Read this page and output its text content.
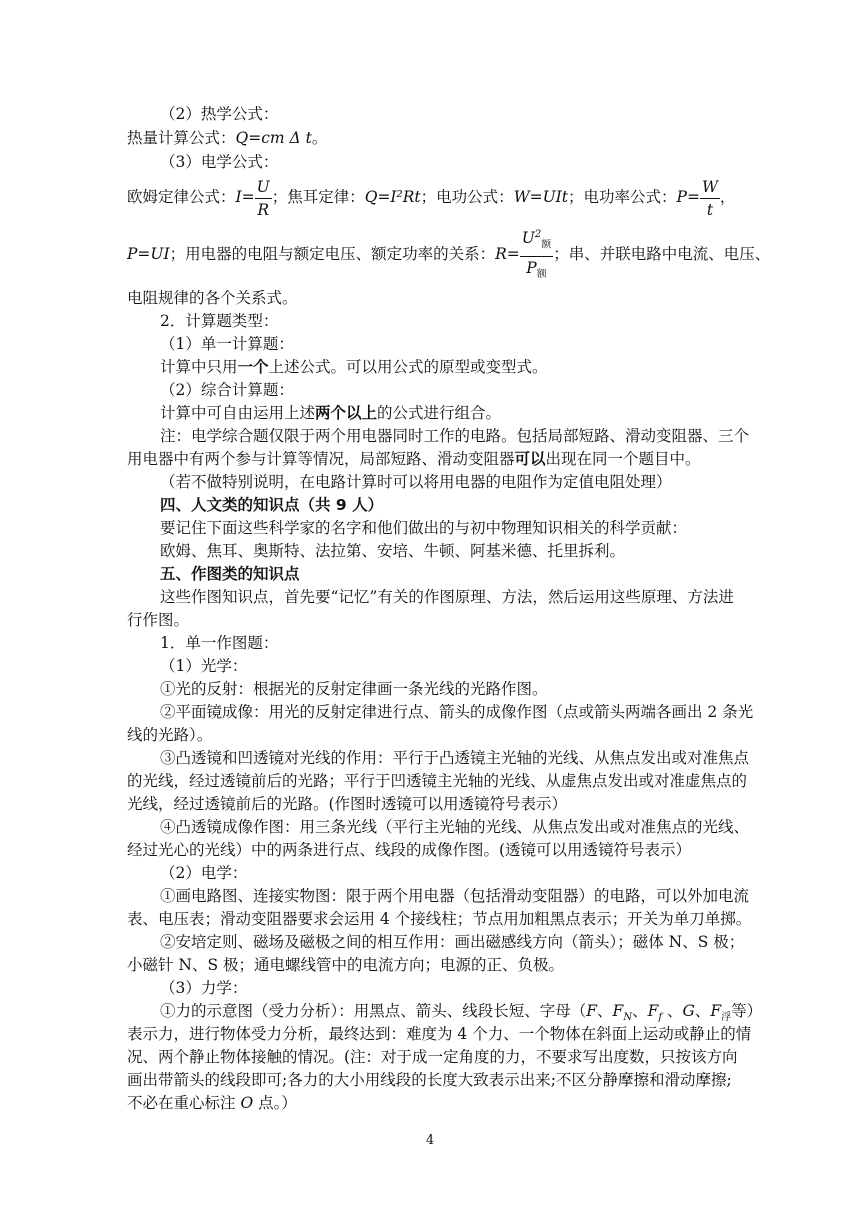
（2）热学公式：
热量计算公式：Q=cm Δ t。
（3）电学公式：
欧姆定律公式：$I= \frac{U}{R}$ ；焦耳定律：Q=I²Rt；电功公式：W=UIt；电功率公式：$P= \frac{W}{t}$ ，
P=UI；用电器的电阻与额定电压、额定功率的关系：$R= \frac{U^2_额}{P_额}$ ；串、并联电路中电流、电压、
电阻规律的各个关系式。
2．计算题类型：
（1）单一计算题：
计算中只用一个上述公式。可以用公式的原型或变型式。
（2）综合计算题：
计算中可自由运用上述两个以上的公式进行组合。
注：电学综合题仅限于两个用电器同时工作的电路。包括局部短路、滑动变阻器、三个
用电器中有两个参与计算等情况，局部短路、滑动变阻器可以出现在同一个题目中。
（若不做特别说明，在电路计算时可以将用电器的电阻作为定值电阻处理）
四、人文类的知识点（共 9 人）
要记住下面这些科学家的名字和他们做出的与初中物理知识相关的科学贡献：
欧姆、焦耳、奥斯特、法拉第、安培、牛顿、阿基米德、托里拆利。
五、作图类的知识点
这些作图知识点，首先要“记忆”有关的作图原理、方法，然后运用这些原理、方法进
行作图。
1．单一作图题：
（1）光学：
①光的反射：根据光的反射定律画一条光线的光路作图。
②平面镜成像：用光的反射定律进行点、箭头的成像作图（点或箭头两端各画出 2 条光
线的光路）。
③凸透镜和凹透镜对光线的作用：平行于凸透镜主光轴的光线、从焦点发出或对准焦点
的光线，经过透镜前后的光路；平行于凹透镜主光轴的光线、从虚焦点发出或对准虚焦点的
光线，经过透镜前后的光路。(作图时透镜可以用透镜符号表示）
④凸透镜成像作图：用三条光线（平行主光轴的光线、从焦点发出或对准焦点的光线、
经过光心的光线）中的两条进行点、线段的成像作图。(透镜可以用透镜符号表示）
（2）电学：
①画电路图、连接实物图：限于两个用电器（包括滑动变阻器）的电路，可以外加电流
表、电压表；滑动变阻器要求会运用 4 个接线柱；节点用加粗黑点表示；开关为单刀单掷。
②安培定则、磁场及磁极之间的相互作用：画出磁感线方向（箭头）；磁体 N、S 极；
小磁针 N、S 极；通电螺线管中的电流方向；电源的正、负极。
（3）力学：
①力的示意图（受力分析）：用黑点、箭头、线段长短、字母（F、$F_N$、$F_f$ 、G、$F_浮$等）
表示力，进行物体受力分析，最终达到：难度为 4 个力、一个物体在斜面上运动或静止的情
况、两个静止物体接触的情况。(注：对于成一定角度的力，不要求写出度数，只按该方向
画出带箭头的线段即可;各力的大小用线段的长度大致表示出来;不区分静摩擦和滑动摩擦;
不必在重心标注 O 点。）
4
